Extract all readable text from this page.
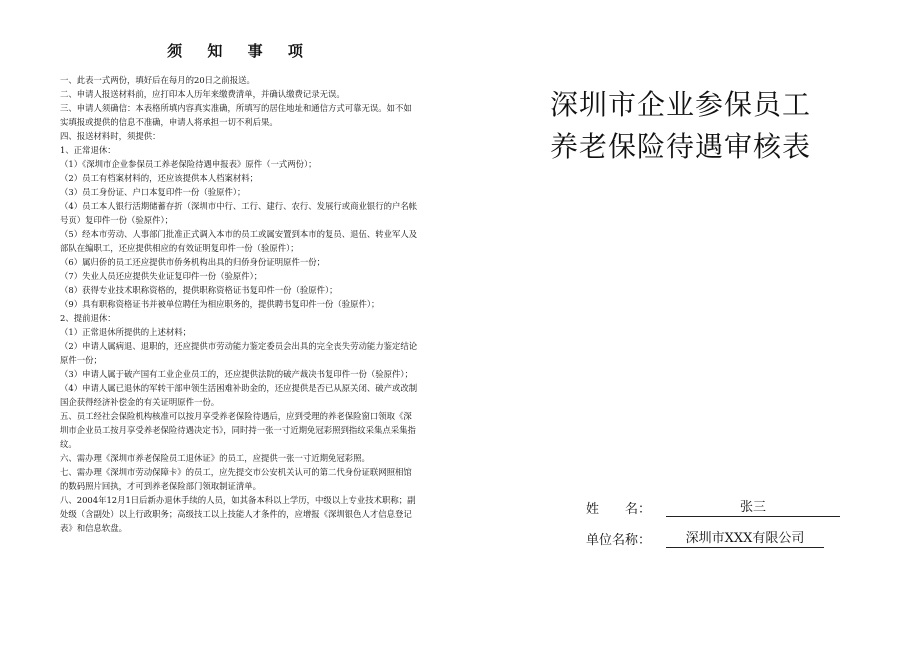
须 知 事 项

一、此表一式两份，填好后在每月的20日之前报送。

二、申请人报送材料前，应打印本人历年来缴费清单，并确认缴费记录无误。

三、申请人须确信：本表格所填内容真实准确，所填写的居住地址和通信方式可靠无误。如不如实填报或提供的信息不准确，申请人将承担一切不利后果。

四、报送材料时，须提供：

1、正常退休：

（1）《深圳市企业参保员工养老保险待遇申报表》原件（一式两份）；

（2）员工有档案材料的，还应该提供本人档案材料；

（3）员工身份证、户口本复印件一份（验原件）；

（4）员工本人银行活期储蓄存折（深圳市中行、工行、建行、农行、发展行或商业银行的户名帐号页）复印件一份（验原件）；

（5）经本市劳动、人事部门批准正式调入本市的员工或属安置到本市的复员、退伍、转业军人及部队在编职工，还应提供相应的有效证明复印件一份（验原件）；

（6）属归侨的员工还应提供市侨务机构出具的归侨身份证明原件一份；

（7）失业人员还应提供失业证复印件一份（验原件）；

（8）获得专业技术职称资格的，提供职称资格证书复印件一份（验原件）；

（9）具有职称资格证书并被单位聘任为相应职务的，提供聘书复印件一份（验原件）；

2、提前退休：

（1）正常退休所提供的上述材料；

（2）申请人属病退、退职的，还应提供市劳动能力鉴定委员会出具的完全丧失劳动能力鉴定结论原件一份；

（3）申请人属于破产国有工业企业员工的，还应提供法院的破产裁决书复印件一份（验原件）；

（4）申请人属已退休的军转干部申领生活困难补助金的，还应提供是否已从原关闭、破产或改制国企获得经济补偿金的有关证明原件一份。

五、员工经社会保险机构核准可以按月享受养老保险待遇后，应到受理的养老保险窗口领取《深圳市企业员工按月享受养老保险待遇决定书》，同时持一张一寸近期免冠彩照到指纹采集点采集指纹。

六、需办理《深圳市养老保险员工退休证》的员工，应提供一张一寸近期免冠彩照。

七、需办理《深圳市劳动保障卡》的员工，应先提交市公安机关认可的第二代身份证联网照相馆的数码照片回执，才可到养老保险部门领取制证清单。

八、2004年12月1日后新办退休手续的人员，如其备本科以上学历，中级以上专业技术职称；副处级（含副处）以上行政职务；高级技工以上技能人才条件的，应增报《深圳银色人才信息登记表》和信息软盘。

深圳市企业参保员工
养老保险待遇审核表
姓　　名：	张三
单位名称：	深圳市XXX有限公司
